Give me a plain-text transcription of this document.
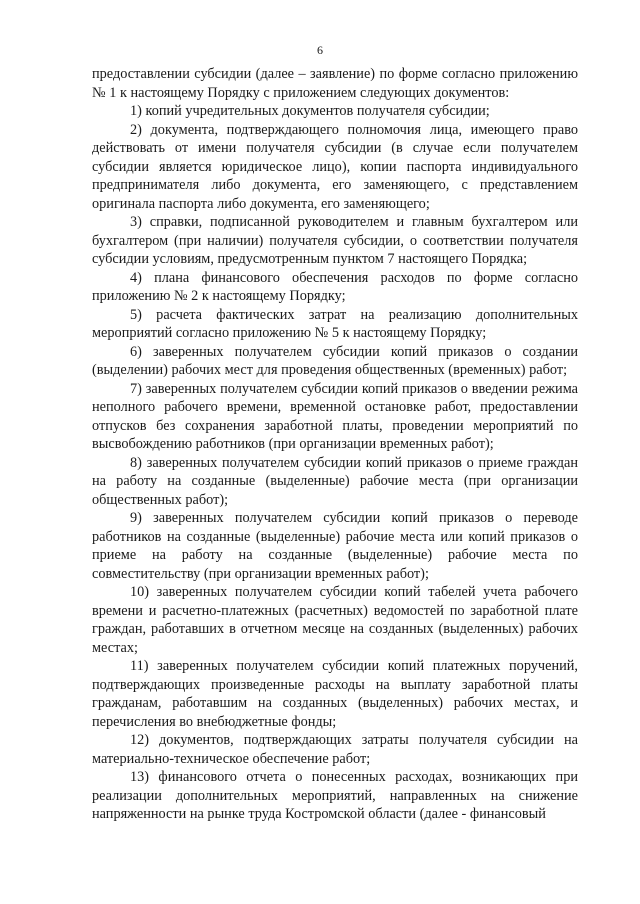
6

предоставлении субсидии (далее – заявление) по форме согласно приложению № 1 к настоящему Порядку с приложением следующих документов:

1) копий учредительных документов получателя субсидии;

2) документа, подтверждающего полномочия лица, имеющего право действовать от имени получателя субсидии (в случае если получателем субсидии является юридическое лицо), копии паспорта индивидуального предпринимателя либо документа, его заменяющего, с представлением оригинала паспорта либо документа, его заменяющего;

3) справки, подписанной руководителем и главным бухгалтером или бухгалтером (при наличии) получателя субсидии, о соответствии получателя субсидии условиям, предусмотренным пунктом 7 настоящего Порядка;

4) плана финансового обеспечения расходов по форме согласно приложению № 2 к настоящему Порядку;

5) расчета фактических затрат на реализацию дополнительных мероприятий согласно приложению № 5 к настоящему Порядку;

6) заверенных получателем субсидии копий приказов о создании (выделении) рабочих мест для проведения общественных (временных) работ;

7) заверенных получателем субсидии копий приказов о введении режима неполного рабочего времени, временной остановке работ, предоставлении отпусков без сохранения заработной платы, проведении мероприятий по высвобождению работников (при организации временных работ);

8) заверенных получателем субсидии копий приказов о приеме граждан на работу на созданные (выделенные) рабочие места (при организации общественных работ);

9) заверенных получателем субсидии копий приказов о переводе работников на созданные (выделенные) рабочие места или копий приказов о приеме на работу на созданные (выделенные) рабочие места по совместительству (при организации временных работ);

10) заверенных получателем субсидии копий табелей учета рабочего времени и расчетно-платежных (расчетных) ведомостей по заработной плате граждан, работавших в отчетном месяце на созданных (выделенных) рабочих местах;

11) заверенных получателем субсидии копий платежных поручений, подтверждающих произведенные расходы на выплату заработной платы гражданам, работавшим на созданных (выделенных) рабочих местах, и перечисления во внебюджетные фонды;

12) документов, подтверждающих затраты получателя субсидии на материально-техническое обеспечение работ;

13) финансового отчета о понесенных расходах, возникающих при реализации дополнительных мероприятий, направленных на снижение напряженности на рынке труда Костромской области (далее - финансовый
